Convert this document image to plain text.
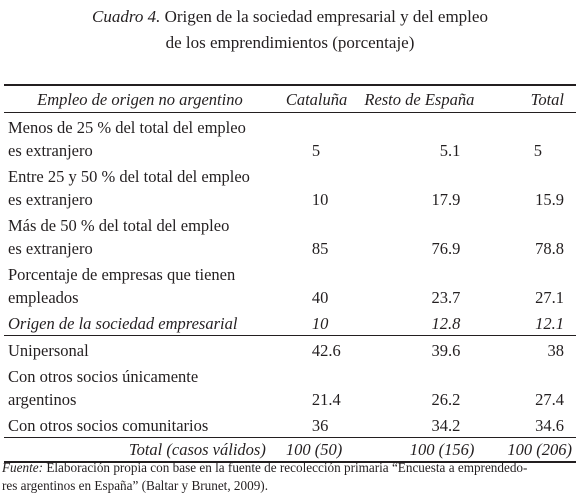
Cuadro 4. Origen de la sociedad empresarial y del empleo
de los emprendimientos (porcentaje)
Empleo de origen no argentino	Cataluña	Resto de España	Total
Menos de 25 % del total del empleo
es extranjero	5	5.1	5
Entre 25 y 50 % del total del empleo
es extranjero	10	17.9	15.9
Más de 50 % del total del empleo
es extranjero	85	76.9	78.8
Porcentaje de empresas que tienen
empleados	40	23.7	27.1
Origen de la sociedad empresarial	10	12.8	12.1
Unipersonal	42.6	39.6	38
Con otros socios únicamente
argentinos	21.4	26.2	27.4
Con otros socios comunitarios	36	34.2	34.6
Total (casos válidos)	100 (50)	100 (156)	100 (206)
Fuente: Elaboración propia con base en la fuente de recolección primaria “Encuesta a emprendedo-
res argentinos en España” (Baltar y Brunet, 2009).
